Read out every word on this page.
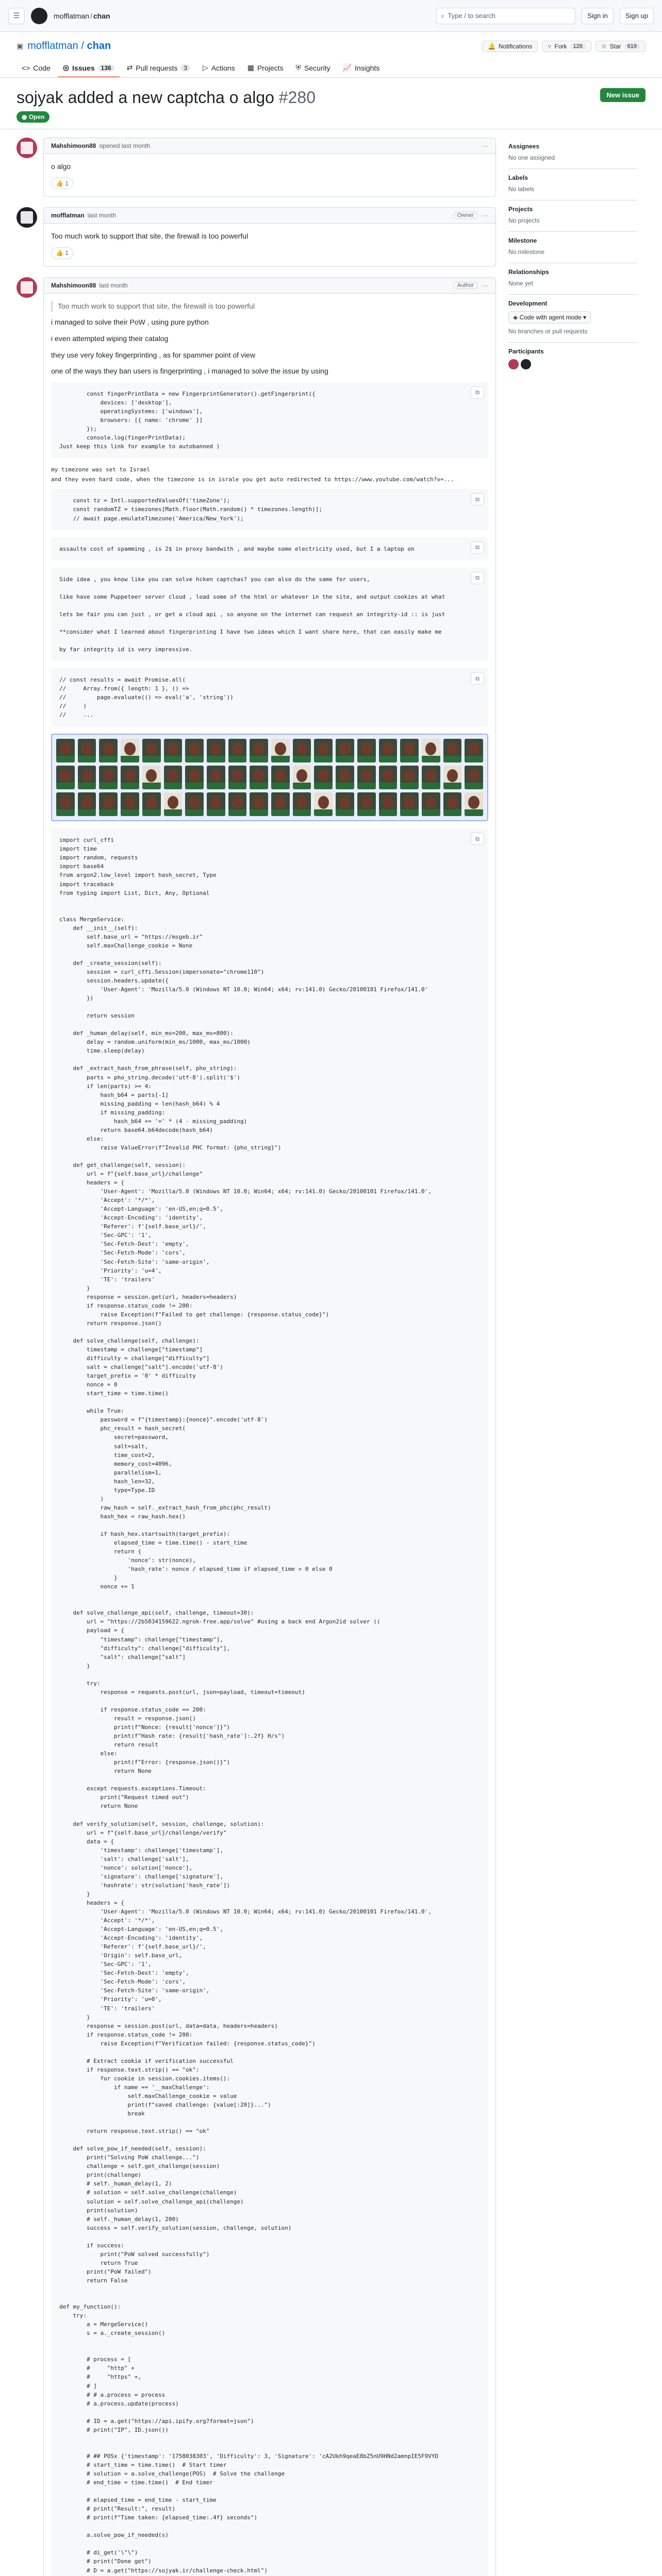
☰	mofflatman / chan	⌕ Type / to search	Sign in	Sign up
▣ mofflatman / chan	🔔 Notifications	⑂ Fork	126	☆ Star	619
<> Code ◎ Issues	136	⇄ Pull requests	3	▷ Actions ▦ Projects ⛨ Security 📈 Insights
sojyak added a new captcha o algo #280	New issue
◉ Open
Mahshimoon88 opened last month	···

o algo

👍 1
mofflatman last month	Owner	···

Too much work to support that site, the firewall is too powerful

👍 1
Mahshimoon88 last month	Author	···
Too much work to support that site, the firewall is too powerful

i managed to solve their PoW , using pure python

i even attempted wiping their catalog

they use very fokey fingerprinting , as for spammer point of view

one of the ways they ban users is fingerprinting , i managed to solve the issue by using

⧉
const fingerPrintData = new FingerprintGenerator().getFingerprint({
devices: ['desktop'],
operatingSystems: ['windows'],
browsers: [{ name: 'chrome' }]
});
console.log(fingerPrintData);
Just keep this link for example to autobanned )

my timezone was set to Israel

and they even hard code, when the timezone is in israle you get auto redirected to https://www.youtube.com/watch?v=...

⧉
const tz = Intl.supportedValuesOf('timeZone');
const randomTZ = timezones[Math.floor(Math.random() * timezones.length)];
// await page.emulateTimezone('America/New_York');
⧉
assaulte cost of spamming , is 2$ in proxy bandwith , and maybe some electricity used, but I a laptop on
⧉
Side idea , you know like you can solve hcken captchas? you can also do the same for users,

like have some Puppeteer server cloud , load some of the html or whatever in the site, and output cookies at what

lets be fair you can just , or get a cloud api , so anyone on the internet can request an integrity-id :: is just

**consider what I learned about fingerprinting I have two ideas which I want share here, that can easily make me

by far integrity id is very impressive.
⧉
// const results = await Promise.all(
//     Array.from({ length: 1 }, () =>
//         page.evaluate(() => eval('a', 'string'))
//     )
//     ...
⧉
import curl_cffi
import time
import random, requests
import base64
from argon2.low_level import hash_secret, Type
import traceback
from typing import List, Dict, Any, Optional

class MergeService:
def __init__(self):
self.base_url = "https://msgeb.ir"
self.maxChallenge_cookie = None

def _create_session(self):
session = curl_cffi.Session(impersonate="chrome110")
session.headers.update({
'User-Agent': 'Mozilla/5.0 (Windows NT 10.0; Win64; x64; rv:141.0) Gecko/20100101 Firefox/141.0'
})

return session

def _human_delay(self, min_ms=200, max_ms=800):
delay = random.uniform(min_ms/1000, max_ms/1000)
time.sleep(delay)

def _extract_hash_from_phrase(self, pho_string):
parts = pho_string.decode('utf-8').split('$')
if len(parts) >= 4:
hash_b64 = parts[-1]
missing_padding = len(hash_b64) % 4
if missing_padding:
hash_b64 += '=' * (4 - missing_padding)
return base64.b64decode(hash_b64)
else:
raise ValueError(f"Invalid PHC format: {pho_string}")

def get_challenge(self, session):
url = f"{self.base_url}/challenge"
headers = {
'User-Agent': 'Mozilla/5.0 (Windows NT 10.0; Win64; x64; rv:141.0) Gecko/20100101 Firefox/141.0',
'Accept': '*/*',
'Accept-Language': 'en-US,en;q=0.5',
'Accept-Encoding': 'identity',
'Referer': f'{self.base_url}/',
'Sec-GPC': '1',
'Sec-Fetch-Dest': 'empty',
'Sec-Fetch-Mode': 'cors',
'Sec-Fetch-Site': 'same-origin',
'Priority': 'u=4',
'TE': 'trailers'
}
response = session.get(url, headers=headers)
if response.status_code != 200:
raise Exception(f"Failed to get challenge: {response.status_code}")
return response.json()

def solve_challenge(self, challenge):
timestamp = challenge["timestamp"]
difficulty = challenge["difficulty"]
salt = challenge["salt"].encode('utf-8')
target_prefix = '0' * difficulty
nonce = 0
start_time = time.time()

while True:
password = f"{timestamp}:{nonce}".encode('utf-8')
phc_result = hash_secret(
secret=password,
salt=salt,
time_cost=2,
memory_cost=4096,
parallelism=1,
hash_len=32,
type=Type.ID
)
raw_hash = self._extract_hash_from_phc(phc_result)
hash_hex = raw_hash.hex()

if hash_hex.startswith(target_prefix):
elapsed_time = time.time() - start_time
return {
'nonce': str(nonce),
'hash_rate': nonce / elapsed_time if elapsed_time > 0 else 0
}
nonce += 1

def solve_challenge_api(self, challenge, timeout=30):
url = "https://2b5034159622.ngrok-free.app/solve" #using a back end Argon2id solver ((
payload = {
"timestamp": challenge["timestamp"],
"difficulty": challenge["difficulty"],
"salt": challenge["salt"]
}

try:
response = requests.post(url, json=payload, timeout=timeout)

if response.status_code == 200:
result = response.json()
print(f"Nonce: {result['nonce']}")
print(f"Hash rate: {result['hash_rate']:.2f} H/s")
return result
else:
print(f"Error: {response.json()}")
return None

except requests.exceptions.Timeout:
print("Request timed out")
return None

def verify_solution(self, session, challenge, solution):
url = f"{self.base_url}/challenge/verify"
data = {
'timestamp': challenge['timestamp'],
'salt': challenge['salt'],
'nonce': solution['nonce'],
'signature': challenge['signature'],
'hashrate': str(solution['hash_rate'])
}
headers = {
'User-Agent': 'Mozilla/5.0 (Windows NT 10.0; Win64; x64; rv:141.0) Gecko/20100101 Firefox/141.0',
'Accept': '*/*',
'Accept-Language': 'en-US,en;q=0.5',
'Accept-Encoding': 'identity',
'Referer': f'{self.base_url}/',
'Origin': self.base_url,
'Sec-GPC': '1',
'Sec-Fetch-Dest': 'empty',
'Sec-Fetch-Mode': 'cors',
'Sec-Fetch-Site': 'same-origin',
'Priority': 'u=0',
'TE': 'trailers'
}
response = session.post(url, data=data, headers=headers)
if response.status_code != 200:
raise Exception(f"Verification failed: {response.status_code}")

# Extract cookie if verification successful
if response.text.strip() == "ok":
for cookie in session.cookies.items():
if name == '__maxChallenge':
self.maxChallenge_cookie = value
print(f"saved challenge: {value[:20]}...")
break

return response.text.strip() == "ok"

def solve_pow_if_needed(self, session):
print("Solving PoW challenge...")
challenge = self.get_challenge(session)
print(challenge)
# self._human_delay(1, 2)
# solution = self.solve_challenge(challenge)
solution = self.solve_challenge_api(challenge)
print(solution)
# self._human_delay(1, 200)
success = self.verify_solution(session, challenge, solution)

if success:
print("PoW solved successfully")
return True
print("PoW failed")
return False

def my_function():
try:
a = MergeService()
s = a._create_session()

# process = [
#     "http" +
#     "https" +,
# ]
# # a.process = process
# a.process.update(process)

# ID = a.get("https://api.ipify.org?format=json")
# print("IP", ID.json())

# ## POSx {'timestamp': '1758038303', 'Difficulty': 3, 'Signature': 'cA2Ukh9qeaE8bZ5nU9HNd2amnpIE5F9VYD
# start_time = time.time()  # Start timer
# solution = a.solve_challenge(POS)  # Solve the challenge
# end_time = time.time()  # End timer

# elapsed_time = end_time - start_time
# print("Result:", result)
# print(f"Time taken: {elapsed_time:.4f} seconds")

a.solve_pow_if_needed(s)

# di_get('\"\")
# print("Done get")
# D = a.get("https://sojyak.ir/challenge-check.html")

Assignees
No one assigned
Labels
No labels
Projects
No projects
Milestone
No milestone
Relationships
None yet
Development
◈ Code with agent mode ▾
No branches or pull requests
Participants
